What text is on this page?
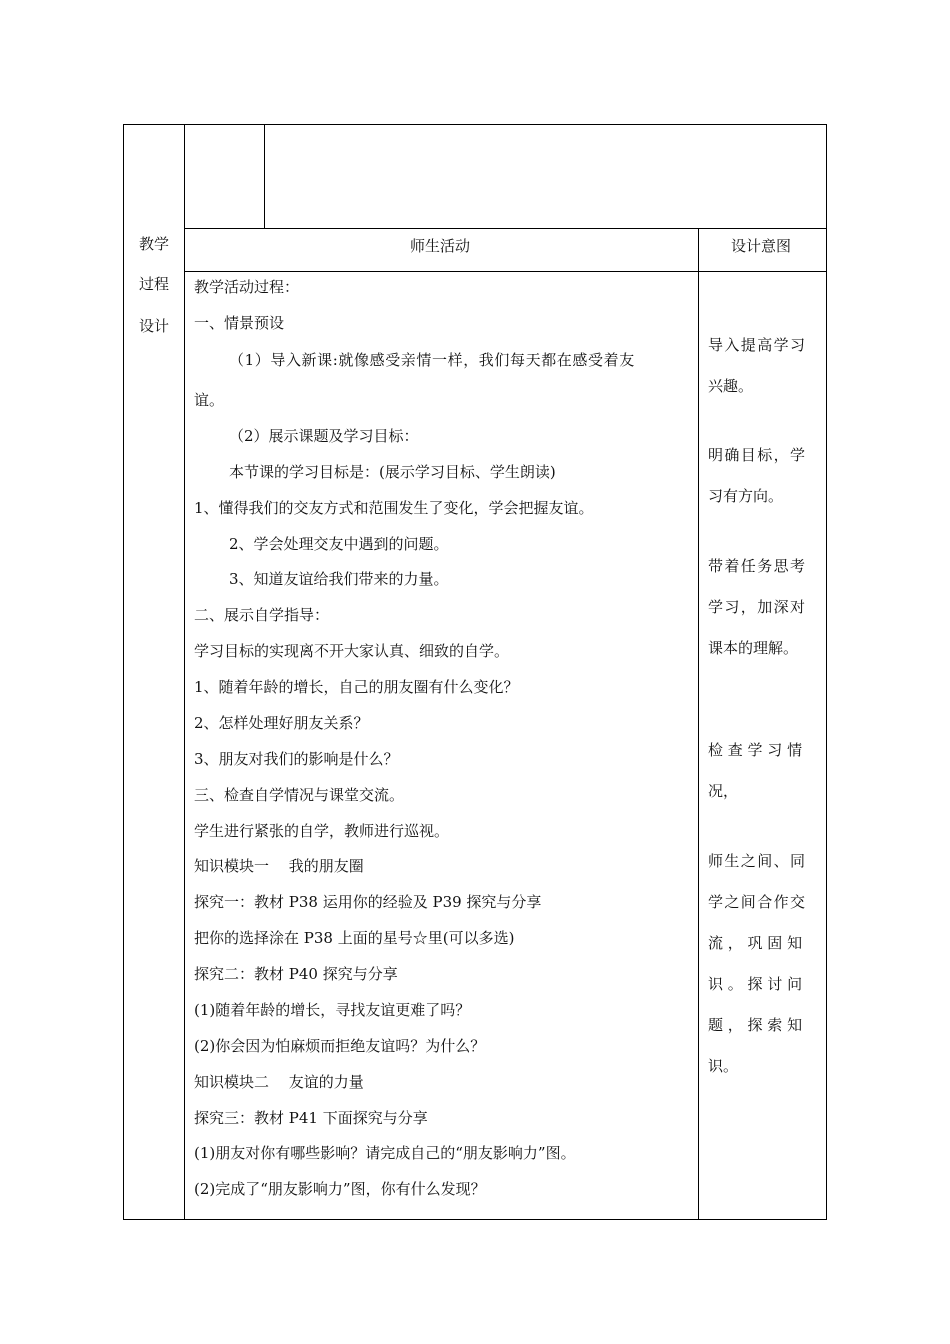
教学
过程
设计
师生活动	设计意图
教学活动过程：
一、情景预设
（1）导入新课:就像感受亲情一样，我们每天都在感受着友
谊。
（2）展示课题及学习目标：
本节课的学习目标是：(展示学习目标、学生朗读)
1、懂得我们的交友方式和范围发生了变化，学会把握友谊。
2、学会处理交友中遇到的问题。
3、知道友谊给我们带来的力量。
二、展示自学指导：
学习目标的实现离不开大家认真、细致的自学。
1、随着年龄的增长，自己的朋友圈有什么变化？
2、怎样处理好朋友关系？
3、朋友对我们的影响是什么？
三、检查自学情况与课堂交流。
学生进行紧张的自学，教师进行巡视。
知识模块一　 我的朋友圈
探究一：教材 P38 运用你的经验及 P39 探究与分享
把你的选择涂在 P38 上面的星号☆里(可以多选)
探究二：教材 P40 探究与分享
(1)随着年龄的增长，寻找友谊更难了吗？
(2)你会因为怕麻烦而拒绝友谊吗？为什么？
知识模块二　 友谊的力量
探究三：教材 P41 下面探究与分享
(1)朋友对你有哪些影响？请完成自己的“朋友影响力”图。
(2)完成了“朋友影响力”图，你有什么发现？
导入提高学习
兴趣。
明确目标，学
习有方向。
带着任务思考
学习，加深对
课本的理解。
检 查 学 习 情
况，
师生之间、同
学之间合作交
流 ， 巩 固 知
识 。 探 讨 问
题 ， 探 索 知
识。
